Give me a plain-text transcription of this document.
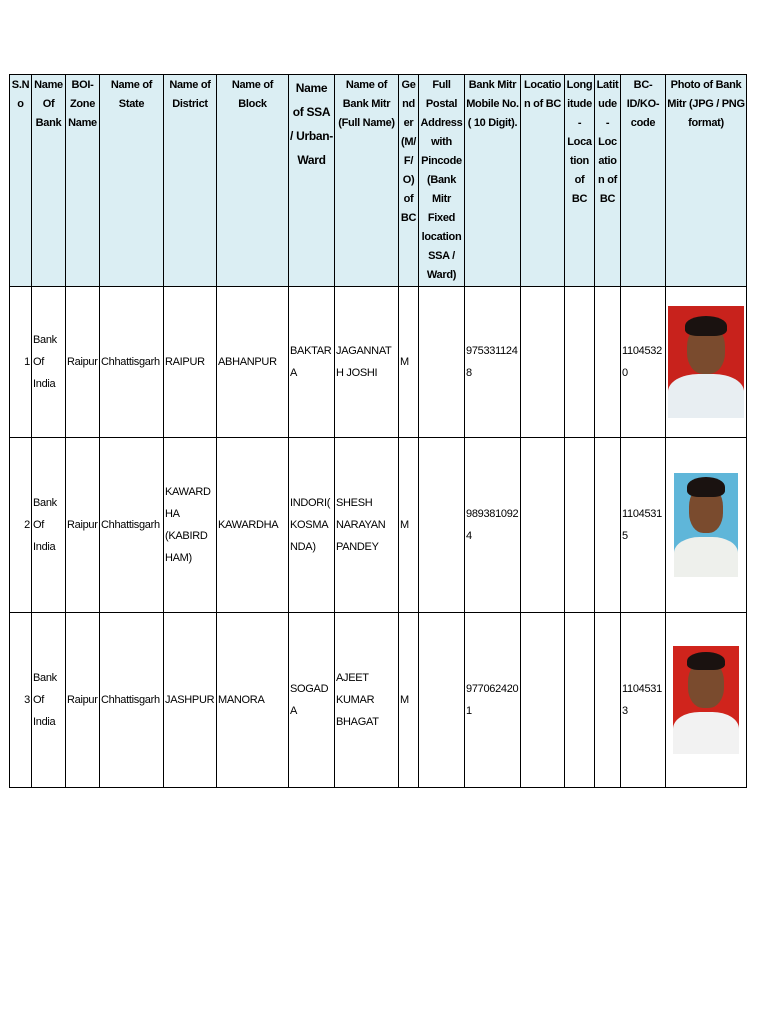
S.No	Name Of Bank	BOI-Zone Name	Name of State	Name of District	Name of Block	Name of SSA / Urban-Ward	Name of Bank Mitr (Full Name)	Gender (M/F/O) of BC	Full Postal Address with Pincode (Bank Mitr Fixed location SSA / Ward)	Bank Mitr Mobile No. ( 10 Digit).	Location of BC	Longitude - Location of BC	Latitude - Location of BC	BC-ID/KO-code	Photo of Bank Mitr (JPG / PNG format)
1	Bank Of India	Raipur	Chhattisgarh	RAIPUR	ABHANPUR	BAKTARA	JAGANNATH JOSHI	M		9753311248				11045320	

2	Bank Of India	Raipur	Chhattisgarh	KAWARDHA (KABIRDHAM)	KAWARDHA	INDORI(KOSMANDA)	SHESH NARAYAN PANDEY	M		9893810924				11045315	

3	Bank Of India	Raipur	Chhattisgarh	JASHPUR	MANORA	SOGADA	AJEET KUMAR BHAGAT	M		9770624201				11045313	
